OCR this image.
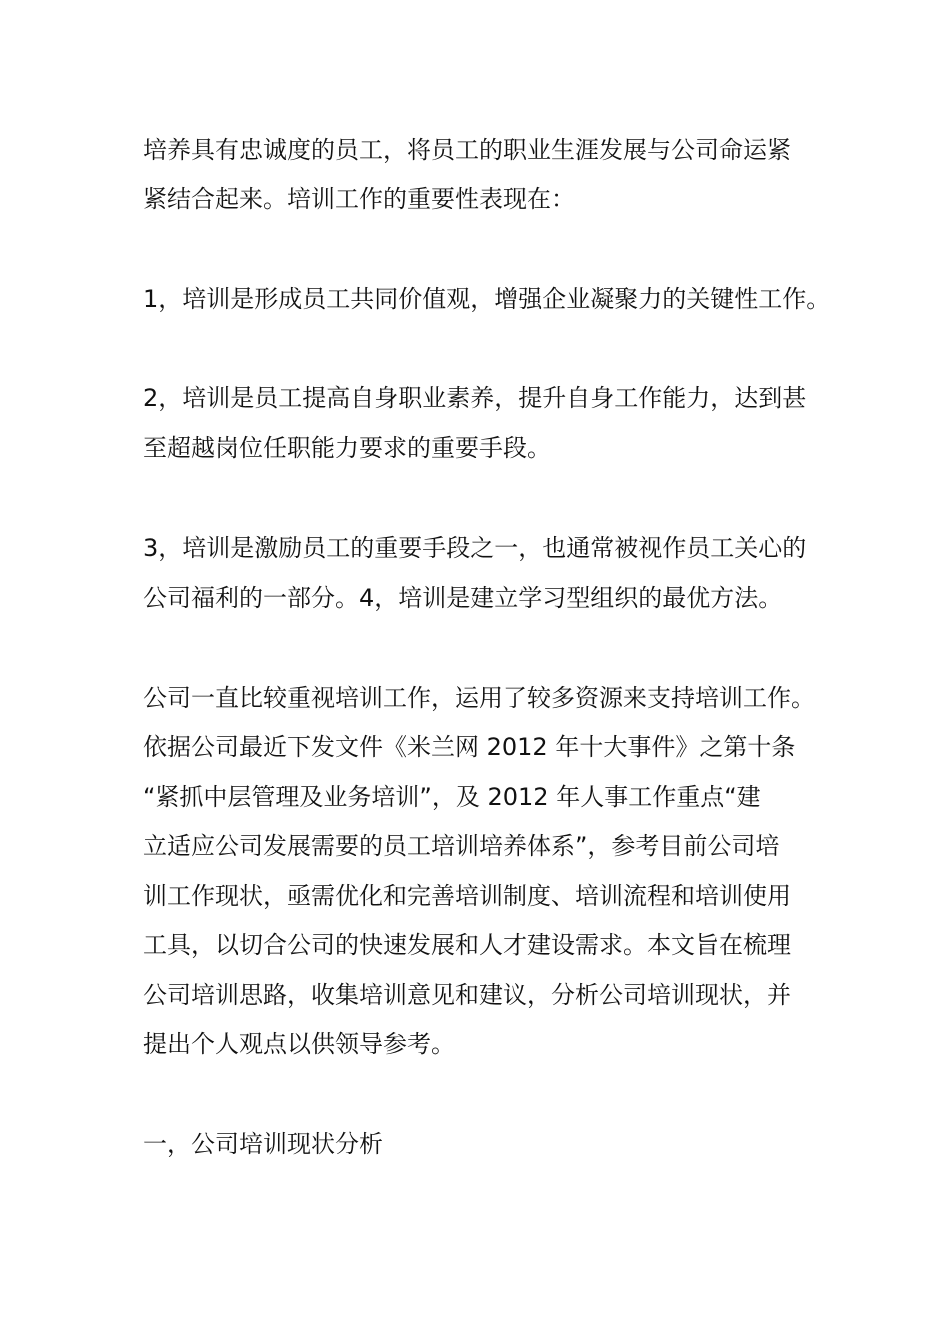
培养具有忠诚度的员工，将员工的职业生涯发展与公司命运紧

紧结合起来。培训工作的重要性表现在：

1，培训是形成员工共同价值观，增强企业凝聚力的关键性工作。

2，培训是员工提高自身职业素养，提升自身工作能力，达到甚

至超越岗位任职能力要求的重要手段。

3，培训是激励员工的重要手段之一，也通常被视作员工关心的

公司福利的一部分。4，培训是建立学习型组织的最优方法。

公司一直比较重视培训工作，运用了较多资源来支持培训工作。

依据公司最近下发文件《米兰网 2012 年十大事件》之第十条

“紧抓中层管理及业务培训”，及 2012 年人事工作重点“建

立适应公司发展需要的员工培训培养体系”，参考目前公司培

训工作现状，亟需优化和完善培训制度、培训流程和培训使用

工具，以切合公司的快速发展和人才建设需求。本文旨在梳理

公司培训思路，收集培训意见和建议，分析公司培训现状，并

提出个人观点以供领导参考。

一，公司培训现状分析
